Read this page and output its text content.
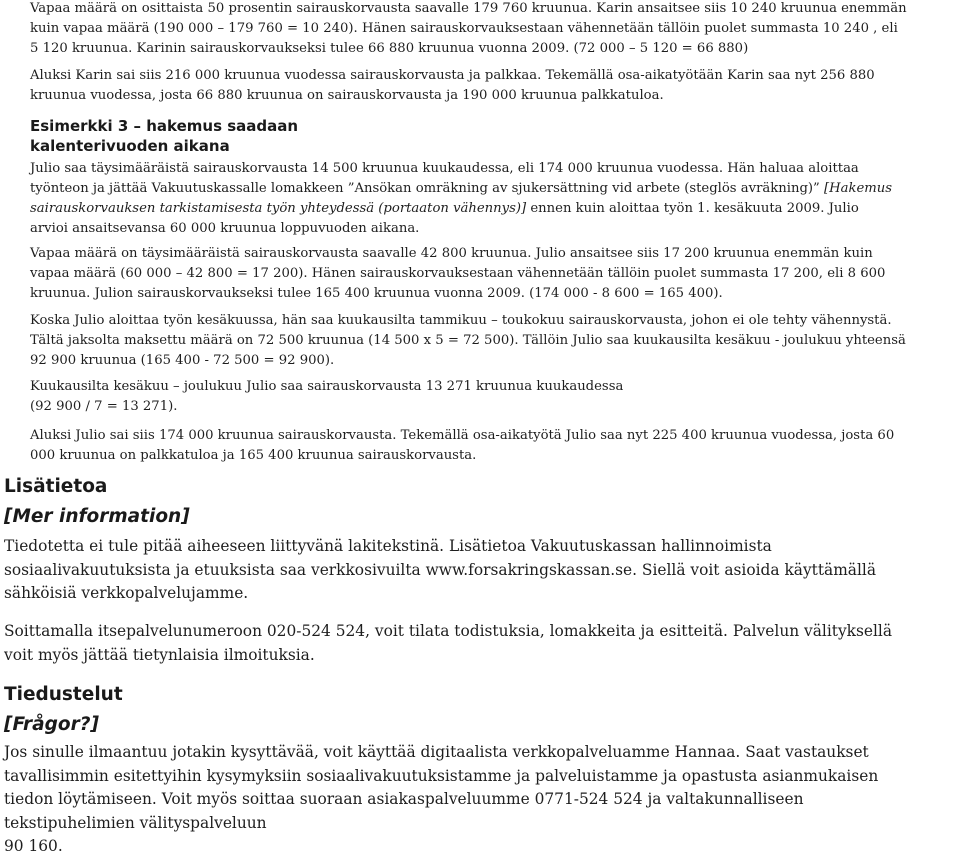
Vapaa määrä on osittaista 50 prosentin sairauskorvausta saavalle 179 760 kruunua. Karin ansaitsee siis 10 240 kruunua enemmän
kuin vapaa määrä (190 000 – 179 760 = 10 240). Hänen sairauskorvauksestaan vähennetään tällöin puolet summasta 10 240 , eli
5 120 kruunua. Karinin sairauskorvaukseksi tulee 66 880 kruunua vuonna 2009. (72 000 – 5 120 = 66 880)

Aluksi Karin sai siis 216 000 kruunua vuodessa sairauskorvausta ja palkkaa. Tekemällä osa-aikatyötään Karin saa nyt 256 880
kruunua vuodessa, josta 66 880 kruunua on sairauskorvausta ja 190 000 kruunua palkkatuloa.

Esimerkki 3 – hakemus saadaan
kalenterivuoden aikana

Julio saa täysimääräistä sairauskorvausta 14 500 kruunua kuukaudessa, eli 174 000 kruunua vuodessa. Hän haluaa aloittaa
työnteon ja jättää Vakuutuskassalle lomakkeen ”Ansökan omräkning av sjukersättning vid arbete (steglös avräkning)” [Hakemus
sairauskorvauksen tarkistamisesta työn yhteydessä (portaaton vähennys)] ennen kuin aloittaa työn 1. kesäkuuta 2009. Julio
arvioi ansaitsevansa 60 000 kruunua loppuvuoden aikana.

Vapaa määrä on täysimääräistä sairauskorvausta saavalle 42 800 kruunua. Julio ansaitsee siis 17 200 kruunua enemmän kuin
vapaa määrä (60 000 – 42 800 = 17 200). Hänen sairauskorvauksestaan vähennetään tällöin puolet summasta 17 200, eli 8 600
kruunua. Julion sairauskorvaukseksi tulee 165 400 kruunua vuonna 2009. (174 000 - 8 600 = 165 400).

Koska Julio aloittaa työn kesäkuussa, hän saa kuukausilta tammikuu – toukokuu sairauskorvausta, johon ei ole tehty vähennystä.
Tältä jaksolta maksettu määrä on 72 500 kruunua (14 500 x 5 = 72 500). Tällöin Julio saa kuukausilta kesäkuu - joulukuu yhteensä
92 900 kruunua (165 400 - 72 500 = 92 900).

Kuukausilta kesäkuu – joulukuu Julio saa sairauskorvausta 13 271 kruunua kuukaudessa
(92 900 / 7 = 13 271).

Aluksi Julio sai siis 174 000 kruunua sairauskorvausta. Tekemällä osa-aikatyötä Julio saa nyt 225 400 kruunua vuodessa, josta 60
000 kruunua on palkkatuloa ja 165 400 kruunua sairauskorvausta.

Lisätietoa
[Mer information]

Tiedotetta ei tule pitää aiheeseen liittyvänä lakitekstinä. Lisätietoa Vakuutuskassan hallinnoimista
sosiaalivakuutuksista ja etuuksista saa verkkosivuilta www.forsakringskassan.se. Siellä voit asioida käyttämällä
sähköisiä verkkopalvelujamme.

Soittamalla itsepalvelunumeroon 020-524 524, voit tilata todistuksia, lomakkeita ja esitteitä. Palvelun välityksellä
voit myös jättää tietynlaisia ilmoituksia.

Tiedustelut
[Frågor?]

Jos sinulle ilmaantuu jotakin kysyttävää, voit käyttää digitaalista verkkopalveluamme Hannaa. Saat vastaukset
tavallisimmin esitettyihin kysymyksiin sosiaalivakuutuksistamme ja palveluistamme ja opastusta asianmukaisen
tiedon löytämiseen. Voit myös soittaa suoraan asiakaspalveluumme 0771-524 524 ja valtakunnalliseen
tekstipuhelimien välityspalveluun
90 160.
